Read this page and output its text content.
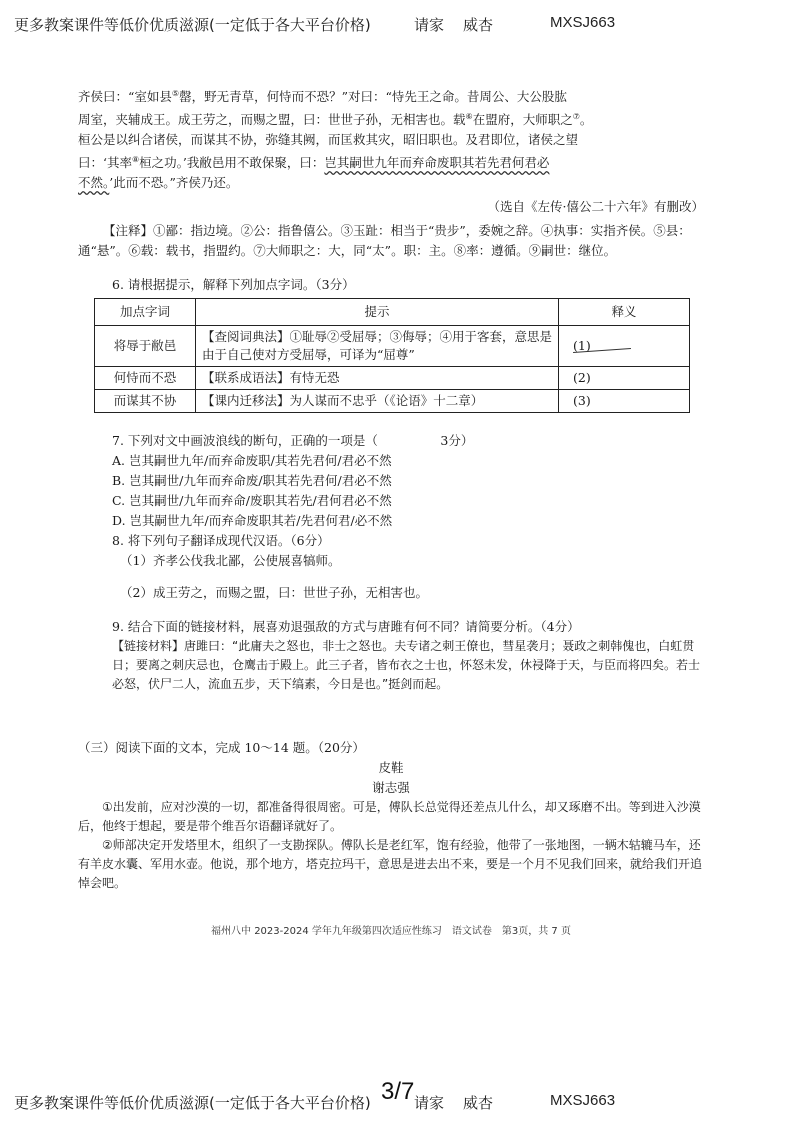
更多教案课件等低价优质滋源(一定低于各大平台价格)	请家 威杏	MXSJ663

齐侯曰：“室如县⑤罄，野无青草，何恃而不恐？”对曰：“恃先王之命。昔周公、大公股肱

周室，夹辅成王。成王劳之，而赐之盟，曰：世世子孙，无相害也。载⑥在盟府，大师职之⑦。

桓公是以纠合诸侯，而谋其不协，弥缝其阙，而匡救其灾，昭旧职也。及君即位，诸侯之望

曰：‘其率⑧桓之功。’我敝邑用不敢保聚，曰：岂其嗣世九年而弃命废职其若先君何君必

不然。’此而不恐。”齐侯乃还。

（选自《左传·僖公二十六年》有删改）

【注释】①鄙：指边境。②公：指鲁僖公。③玉趾：相当于“贵步”，委婉之辞。④执事：实指齐侯。⑤县：通“悬”。⑥载：载书，指盟约。⑦大师职之：大，同“太”。职：主。⑧率：遵循。⑨嗣世：继位。

6. 请根据提示，解释下列加点字词。（3分）

加点字词	提示	释义
将辱于敝邑	【查阅词典法】①耻辱②受屈辱；③侮辱；④用于客套，意思是由于自己使对方受屈辱，可译为“屈尊”	(1)
何恃而不恐	【联系成语法】有恃无恐	(2)
而谋其不协	【课内迁移法】为人谋而不忠乎（《论语》十二章）	(3)

7. 下列对文中画波浪线的断句，正确的一项是（　　　　　3分）

A. 岂其嗣世九年/而弃命废职/其若先君何/君必不然

B. 岂其嗣世/九年而弃命废/职其若先君何/君必不然

C. 岂其嗣世/九年而弃命/废职其若先/君何君必不然

D. 岂其嗣世九年/而弃命废职其若/先君何君/必不然

8. 将下列句子翻译成现代汉语。（6分）

（1）齐孝公伐我北鄙，公使展喜犒师。

（2）成王劳之，而赐之盟，曰：世世子孙，无相害也。

9. 结合下面的链接材料，展喜劝退强敌的方式与唐雎有何不同？请简要分析。（4分）

【链接材料】唐雎曰：“此庸夫之怒也，非士之怒也。夫专诸之刺王僚也，彗星袭月；聂政之刺韩傀也，白虹贯日；要离之刺庆忌也，仓鹰击于殿上。此三子者，皆布衣之士也，怀怒未发，休祲降于天，与臣而将四矣。若士必怒，伏尸二人，流血五步，天下缟素，今日是也。”挺剑而起。

（三）阅读下面的文本，完成 10～14 题。（20分）

皮鞋

谢志强

①出发前，应对沙漠的一切，都准备得很周密。可是，傅队长总觉得还差点儿什么，却又琢磨不出。等到进入沙漠后，他终于想起，要是带个维吾尔语翻译就好了。

②师部决定开发塔里木，组织了一支勘探队。傅队长是老红军，饱有经验，他带了一张地图，一辆木轱辘马车，还有羊皮水囊、军用水壶。他说，那个地方，塔克拉玛干，意思是进去出不来，要是一个月不见我们回来，就给我们开追悼会吧。

福州八中 2023-2024 学年九年级第四次适应性练习　语文试卷　第3页，共 7 页
3/7
更多教案课件等低价优质滋源(一定低于各大平台价格)	请家 威杏	MXSJ663
